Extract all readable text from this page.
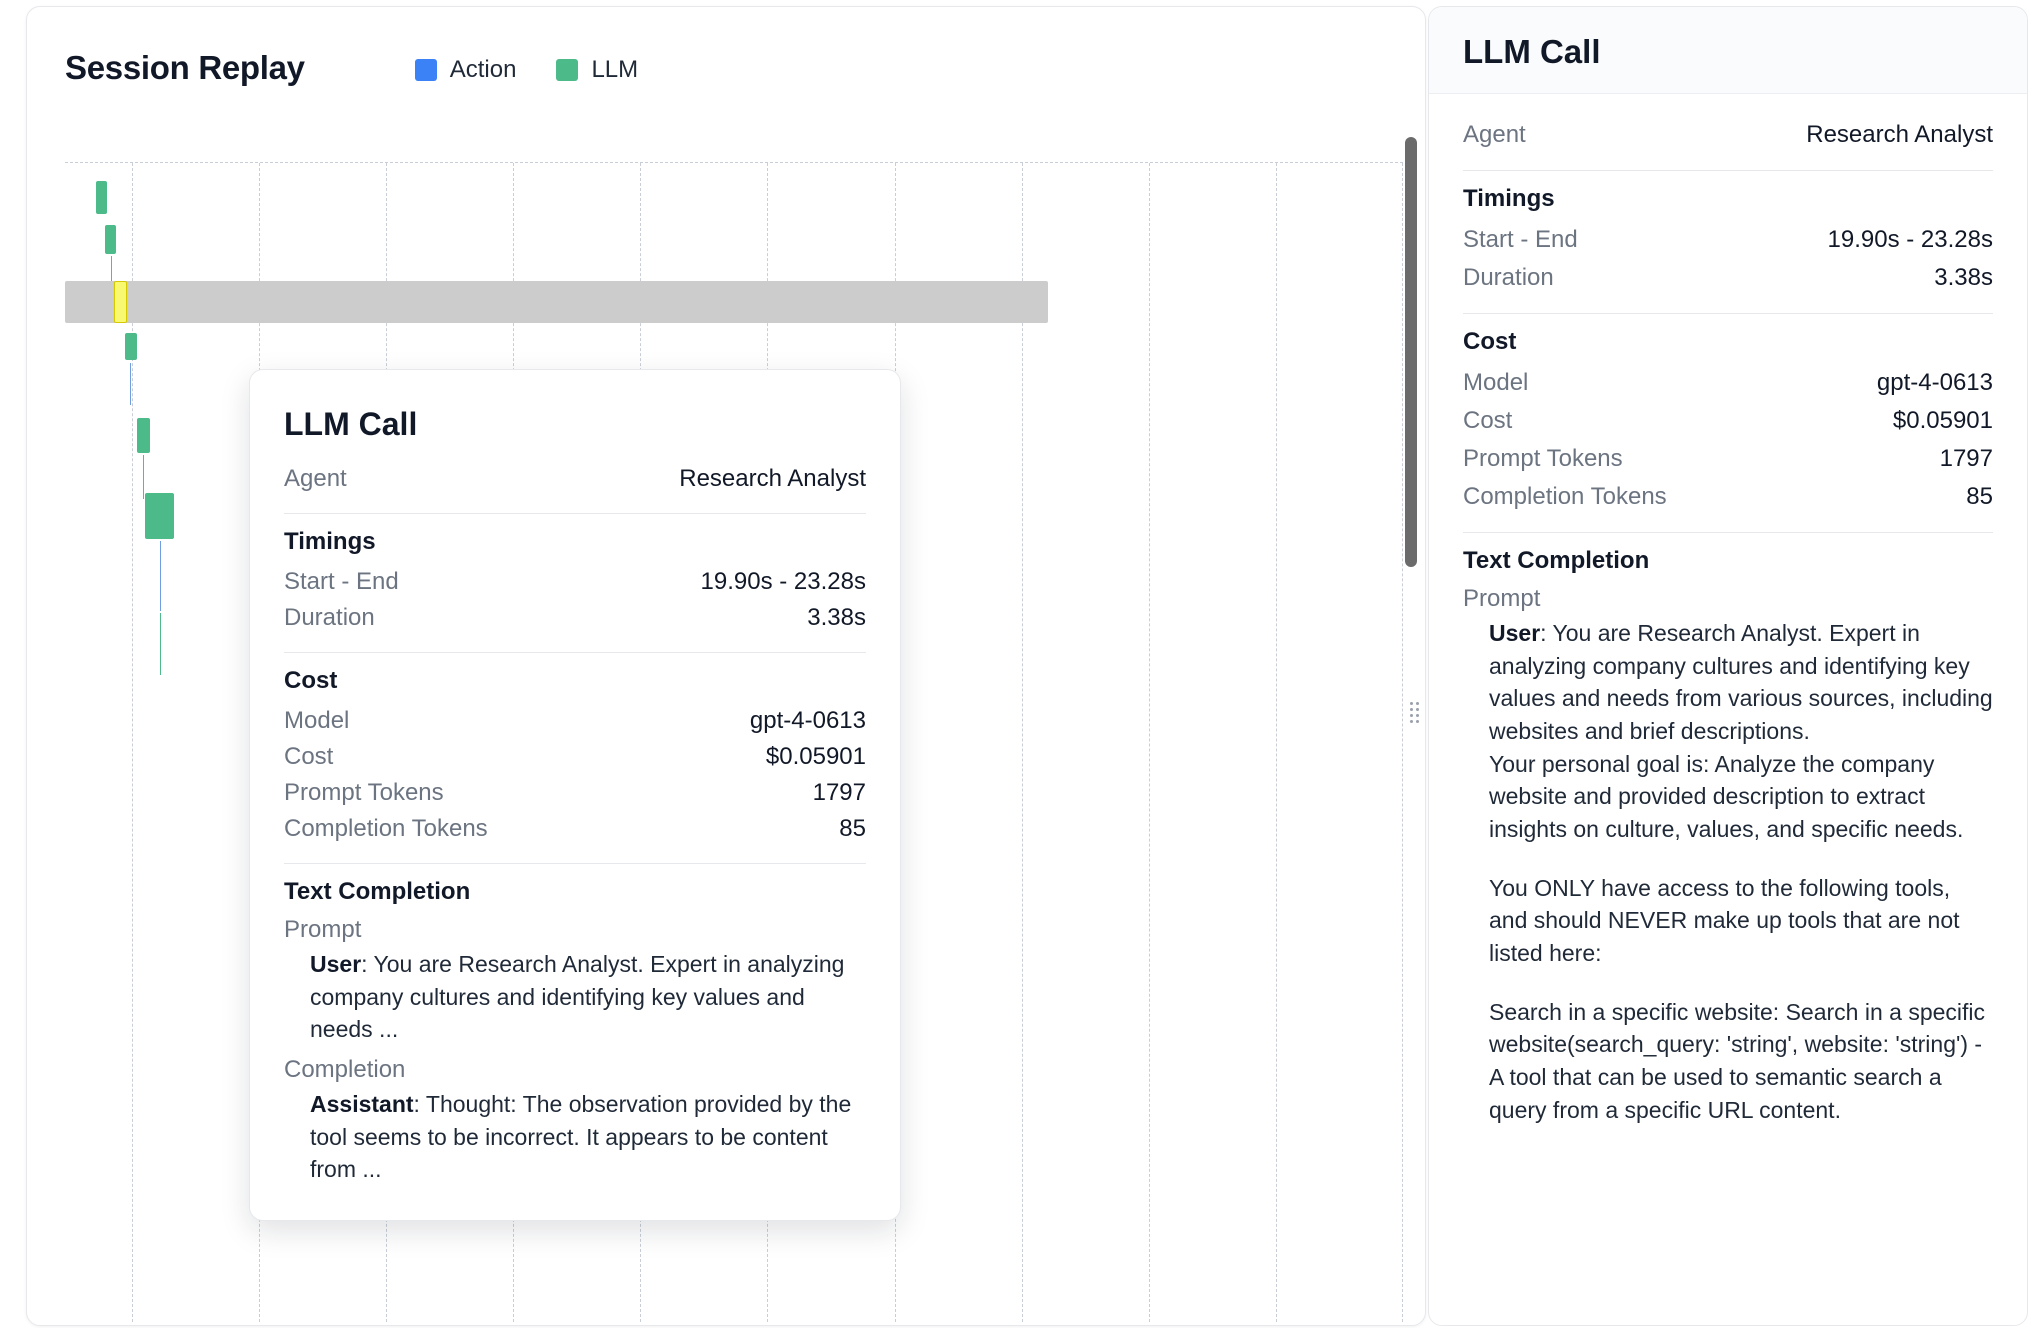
Session Replay	Action	LLM
LLM Call
Agent	Research Analyst
Timings
Start - End	19.90s - 23.28s
Duration	3.38s
Cost
Model	gpt-4-0613
Cost	$0.05901
Prompt Tokens	1797
Completion Tokens	85
Text Completion
Prompt
User: You are Research Analyst. Expert in analyzing company cultures and identifying key values and needs ...
Completion
Assistant: Thought: The observation provided by the tool seems to be incorrect. It appears to be content from ...
LLM Call
Agent	Research Analyst
Timings
Start - End	19.90s - 23.28s
Duration	3.38s
Cost
Model	gpt-4-0613
Cost	$0.05901
Prompt Tokens	1797
Completion Tokens	85
Text Completion
Prompt
User: You are Research Analyst. Expert in analyzing company cultures and identifying key values and needs from various sources, including websites and brief descriptions.
Your personal goal is: Analyze the company website and provided description to extract insights on culture, values, and specific needs.
You ONLY have access to the following tools, and should NEVER make up tools that are not listed here:
Search in a specific website: Search in a specific website(search_query: 'string', website: 'string') - A tool that can be used to semantic search a query from a specific URL content.
